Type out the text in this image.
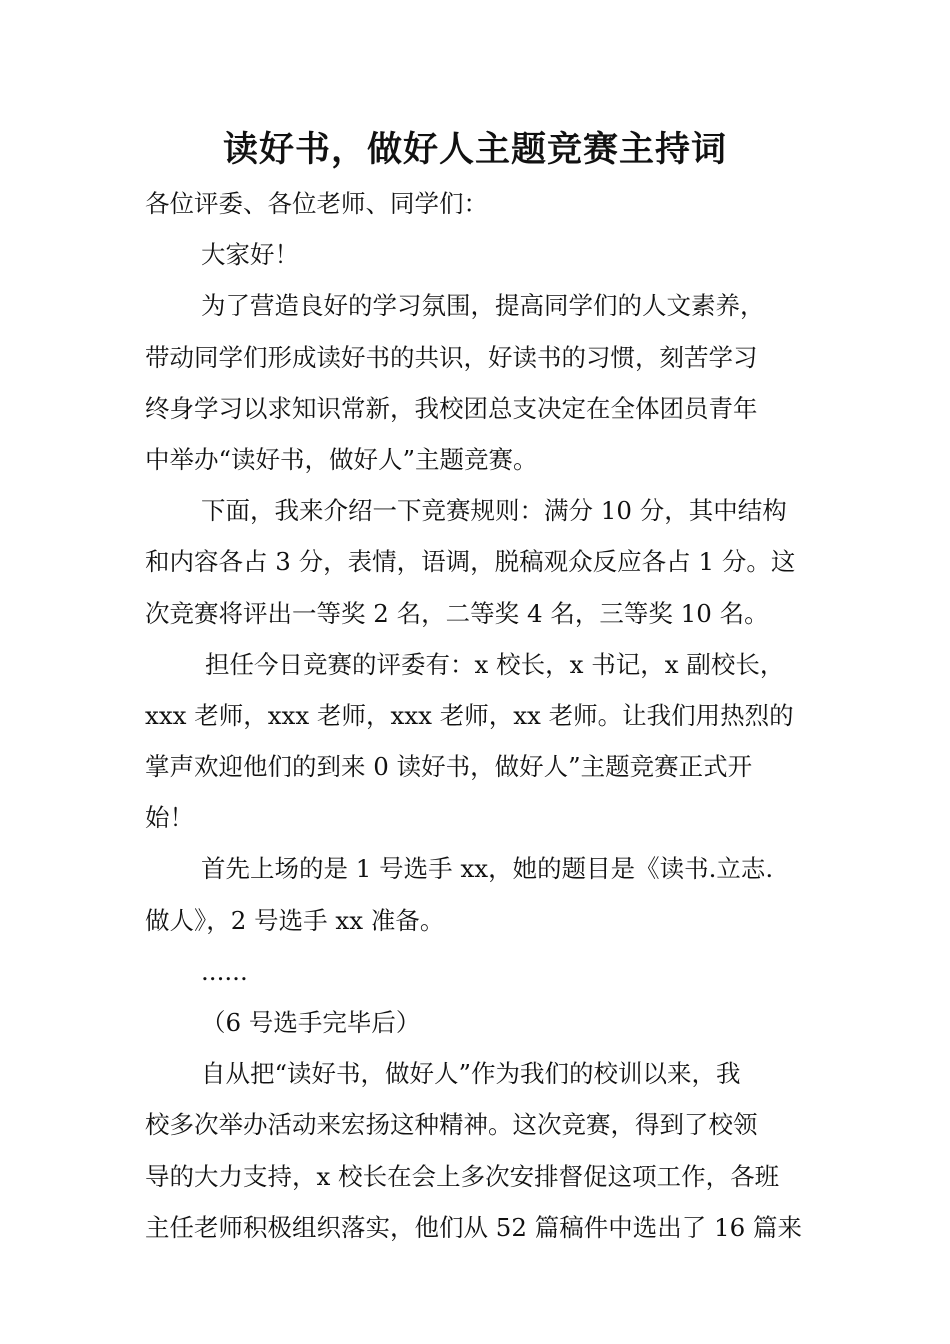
读好书，做好人主题竞赛主持词
各位评委、各位老师、同学们：
大家好！
为了营造良好的学习氛围，提高同学们的人文素养，
带动同学们形成读好书的共识，好读书的习惯，刻苦学习
终身学习以求知识常新，我校团总支决定在全体团员青年
中举办“读好书，做好人”主题竞赛。
下面，我来介绍一下竞赛规则：满分 10 分，其中结构
和内容各占 3 分，表情，语调，脱稿观众反应各占 1 分。这
次竞赛将评出一等奖 2 名，二等奖 4 名，三等奖 10 名。
担任今日竞赛的评委有：x 校长，x 书记，x 副校长，
xxx 老师，xxx 老师，xxx 老师，xx 老师。让我们用热烈的
掌声欢迎他们的到来 0 读好书，做好人”主题竞赛正式开
始！
首先上场的是 1 号选手 xx，她的题目是《读书.立志.
做人》，2 号选手 xx 准备。
......
（6 号选手完毕后）
自从把“读好书，做好人”作为我们的校训以来，我
校多次举办活动来宏扬这种精神。这次竞赛，得到了校领
导的大力支持，x 校长在会上多次安排督促这项工作，各班
主任老师积极组织落实，他们从 52 篇稿件中选出了 16 篇来
